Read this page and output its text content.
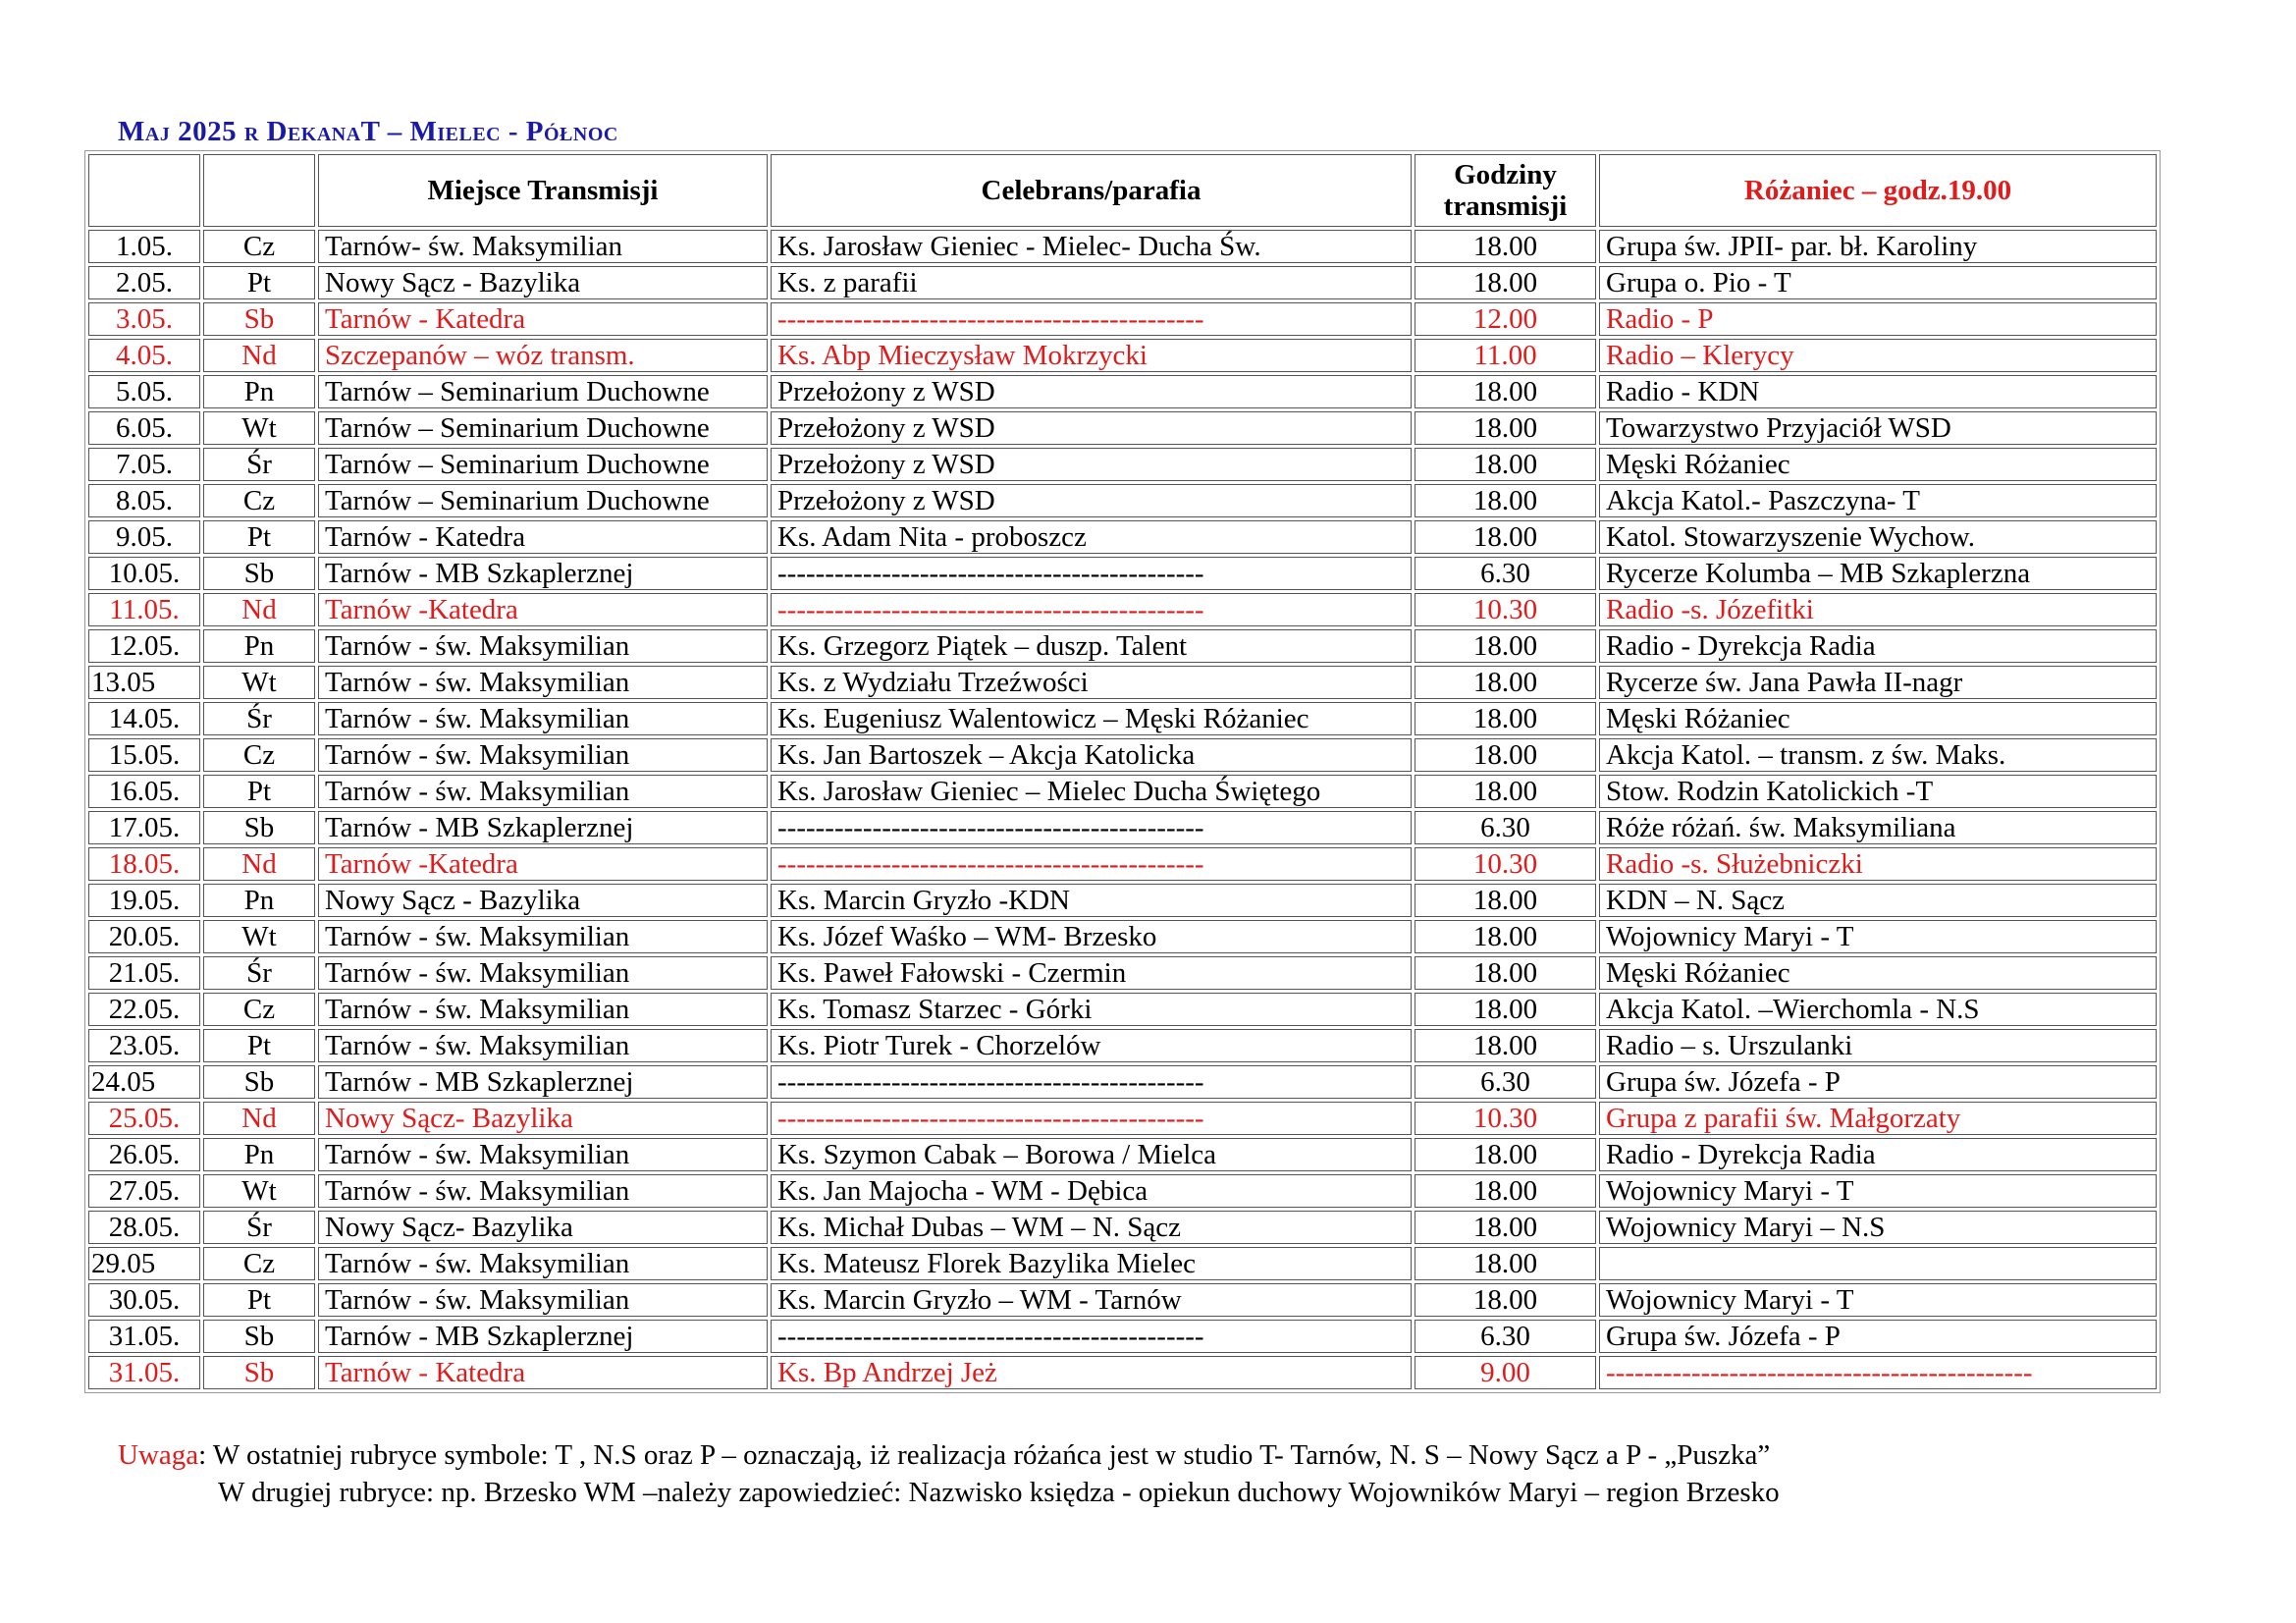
Maj 2025 r DekanaT – Mielec - Północ
		Miejsce Transmisji	Celebrans/parafia	Godziny
transmisji	Różaniec – godz.19.00
1.05.	Cz	Tarnów- św. Maksymilian	Ks. Jarosław Gieniec - Mielec- Ducha Św.	18.00	Grupa św. JPII- par. bł. Karoliny
2.05.	Pt	Nowy Sącz - Bazylika	Ks. z parafii	18.00	Grupa o. Pio - T
3.05.	Sb	Tarnów - Katedra	---------------------------------------------	12.00	Radio - P
4.05.	Nd	Szczepanów – wóz transm.	Ks. Abp Mieczysław Mokrzycki	11.00	Radio – Klerycy
5.05.	Pn	Tarnów – Seminarium Duchowne	Przełożony z WSD	18.00	Radio - KDN
6.05.	Wt	Tarnów – Seminarium Duchowne	Przełożony z WSD	18.00	Towarzystwo Przyjaciół WSD
7.05.	Śr	Tarnów – Seminarium Duchowne	Przełożony z WSD	18.00	Męski Różaniec
8.05.	Cz	Tarnów – Seminarium Duchowne	Przełożony z WSD	18.00	Akcja Katol.- Paszczyna- T
9.05.	Pt	Tarnów - Katedra	Ks. Adam Nita - proboszcz	18.00	Katol. Stowarzyszenie Wychow.
10.05.	Sb	Tarnów - MB Szkaplerznej	---------------------------------------------	6.30	Rycerze Kolumba – MB Szkaplerzna
11.05.	Nd	Tarnów -Katedra	---------------------------------------------	10.30	Radio -s. Józefitki
12.05.	Pn	Tarnów - św. Maksymilian	Ks. Grzegorz Piątek – duszp. Talent	18.00	Radio - Dyrekcja Radia
13.05	Wt	Tarnów - św. Maksymilian	Ks. z Wydziału Trzeźwości	18.00	Rycerze św. Jana Pawła II-nagr
14.05.	Śr	Tarnów - św. Maksymilian	Ks. Eugeniusz Walentowicz – Męski Różaniec	18.00	Męski Różaniec
15.05.	Cz	Tarnów - św. Maksymilian	Ks. Jan Bartoszek – Akcja Katolicka	18.00	Akcja Katol. – transm. z św. Maks.
16.05.	Pt	Tarnów - św. Maksymilian	Ks. Jarosław Gieniec – Mielec Ducha Świętego	18.00	Stow. Rodzin Katolickich -T
17.05.	Sb	Tarnów - MB Szkaplerznej	---------------------------------------------	6.30	Róże różań. św. Maksymiliana
18.05.	Nd	Tarnów -Katedra	---------------------------------------------	10.30	Radio -s. Służebniczki
19.05.	Pn	Nowy Sącz - Bazylika	Ks. Marcin Gryzło -KDN	18.00	KDN – N. Sącz
20.05.	Wt	Tarnów - św. Maksymilian	Ks. Józef Waśko – WM- Brzesko	18.00	Wojownicy Maryi - T
21.05.	Śr	Tarnów - św. Maksymilian	Ks. Paweł Fałowski - Czermin	18.00	Męski Różaniec
22.05.	Cz	Tarnów - św. Maksymilian	Ks. Tomasz Starzec - Górki	18.00	Akcja Katol. –Wierchomla - N.S
23.05.	Pt	Tarnów - św. Maksymilian	Ks. Piotr Turek - Chorzelów	18.00	Radio – s. Urszulanki
24.05	Sb	Tarnów - MB Szkaplerznej	---------------------------------------------	6.30	Grupa św. Józefa - P
25.05.	Nd	Nowy Sącz- Bazylika	---------------------------------------------	10.30	Grupa z parafii św. Małgorzaty
26.05.	Pn	Tarnów - św. Maksymilian	Ks. Szymon Cabak – Borowa / Mielca	18.00	Radio - Dyrekcja Radia
27.05.	Wt	Tarnów - św. Maksymilian	Ks. Jan Majocha - WM - Dębica	18.00	Wojownicy Maryi - T
28.05.	Śr	Nowy Sącz- Bazylika	Ks. Michał Dubas – WM – N. Sącz	18.00	Wojownicy Maryi – N.S
29.05	Cz	Tarnów - św. Maksymilian	Ks. Mateusz Florek Bazylika Mielec	18.00	
30.05.	Pt	Tarnów - św. Maksymilian	Ks. Marcin Gryzło – WM - Tarnów	18.00	Wojownicy Maryi - T
31.05.	Sb	Tarnów - MB Szkaplerznej	---------------------------------------------	6.30	Grupa św. Józefa - P
31.05.	Sb	Tarnów - Katedra	Ks. Bp Andrzej Jeż	9.00	---------------------------------------------
Uwaga: W ostatniej rubryce symbole: T , N.S oraz P – oznaczają, iż realizacja różańca jest w studio T- Tarnów, N. S – Nowy Sącz a P - „Puszka”
W drugiej rubryce: np. Brzesko WM –należy zapowiedzieć: Nazwisko księdza - opiekun duchowy Wojowników Maryi – region Brzesko
